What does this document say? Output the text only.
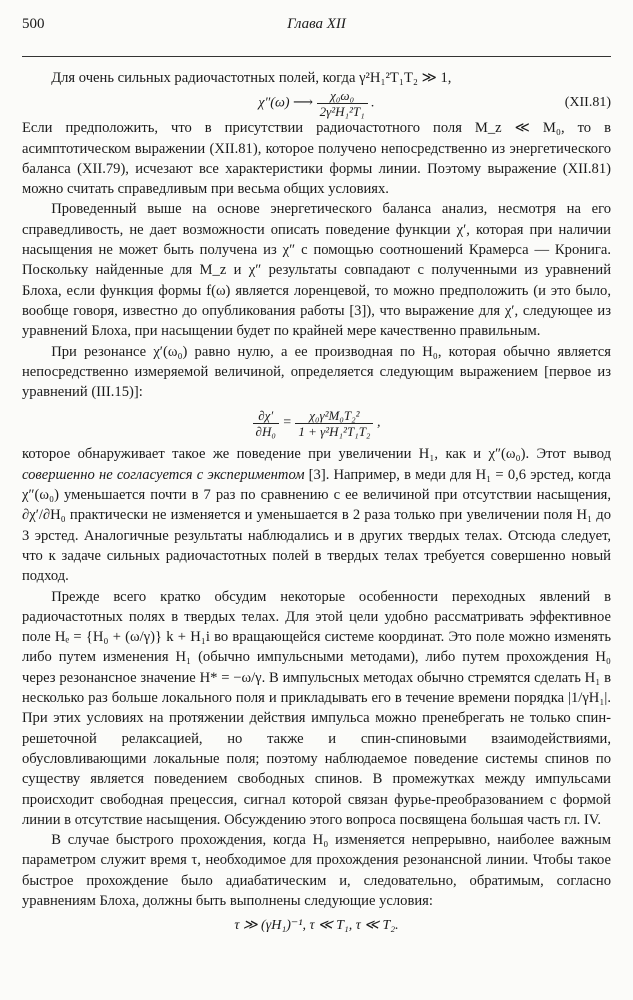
500	Глава XII

Для очень сильных радиочастотных полей, когда γ²H₁²T₁T₂ ≫ 1,

χ″(ω) ⟶ $\frac{\text{χ₀ω₀}}{\text{2γ²H₁²T₁}}$ .	(XII.81)

Если предположить, что в присутствии радиочастотного поля M_z ≪ M₀, то в асимптотическом выражении (XII.81), которое получено непосредственно из энергетического баланса (XII.79), исчезают все характеристики формы линии. Поэтому выражение (XII.81) можно считать справедливым при весьма общих условиях.

Проведенный выше на основе энергетического баланса анализ, несмотря на его справедливость, не дает возможности описать поведение функции χ′, которая при наличии насыщения не может быть получена из χ″ с помощью соотношений Крамерса — Кронига. Поскольку найденные для M_z и χ″ результаты совпадают с полученными из уравнений Блоха, если функция формы f(ω) является лоренцевой, то можно предположить (и это было, вообще говоря, известно до опубликования работы [3]), что выражение для χ′, следующее из уравнений Блоха, при насыщении будет по крайней мере качественно правильным.

При резонансе χ′(ω₀) равно нулю, а ее производная по H₀, которая обычно является непосредственно измеряемой величиной, определяется следующим выражением [первое из уравнений (III.15)]:

$\frac{\partial\chi'}{\text{∂H₀}} = \frac{\text{χ₀γ²M₀T₂²}}{\text{1 + γ²H₁²T₁T₂}}$ ,

которое обнаруживает такое же поведение при увеличении H₁, как и χ″(ω₀). Этот вывод совершенно не согласуется с экспериментом [3]. Например, в меди для H₁ = 0,6 эрстед, когда χ″(ω₀) уменьшается почти в 7 раз по сравнению с ее величиной при отсутствии насыщения, ∂χ′/∂H₀ практически не изменяется и уменьшается в 2 раза только при увеличении поля H₁ до 3 эрстед. Аналогичные результаты наблюдались и в других твердых телах. Отсюда следует, что к задаче сильных радиочастотных полей в твердых телах требуется совершенно новый подход.

Прежде всего кратко обсудим некоторые особенности переходных явлений в радиочастотных полях в твердых телах. Для этой цели удобно рассматривать эффективное поле Hₑ = {H₀ + (ω/γ)} k + H₁i во вращающейся системе координат. Это поле можно изменять либо путем изменения H₁ (обычно импульсными методами), либо путем прохождения H₀ через резонансное значение H* = −ω/γ. В импульсных методах обычно стремятся сделать H₁ в несколько раз больше локального поля и прикладывать его в течение времени порядка |1/γH₁|. При этих условиях на протяжении действия импульса можно пренебрегать не только спин-решеточной релаксацией, но также и спин-спиновыми взаимодействиями, обусловливающими локальные поля; поэтому наблюдаемое поведение системы спинов по существу является поведением свободных спинов. В промежутках между импульсами происходит свободная прецессия, сигнал которой связан фурье-преобразованием с формой линии в отсутствие насыщения. Обсуждению этого вопроса посвящена большая часть гл. IV.

В случае быстрого прохождения, когда H₀ изменяется непрерывно, наиболее важным параметром служит время τ, необходимое для прохождения резонансной линии. Чтобы такое быстрое прохождение было адиабатическим и, следовательно, обратимым, согласно уравнениям Блоха, должны быть выполнены следующие условия:

τ ≫ (γH₁)⁻¹, τ ≪ T₁, τ ≪ T₂.
